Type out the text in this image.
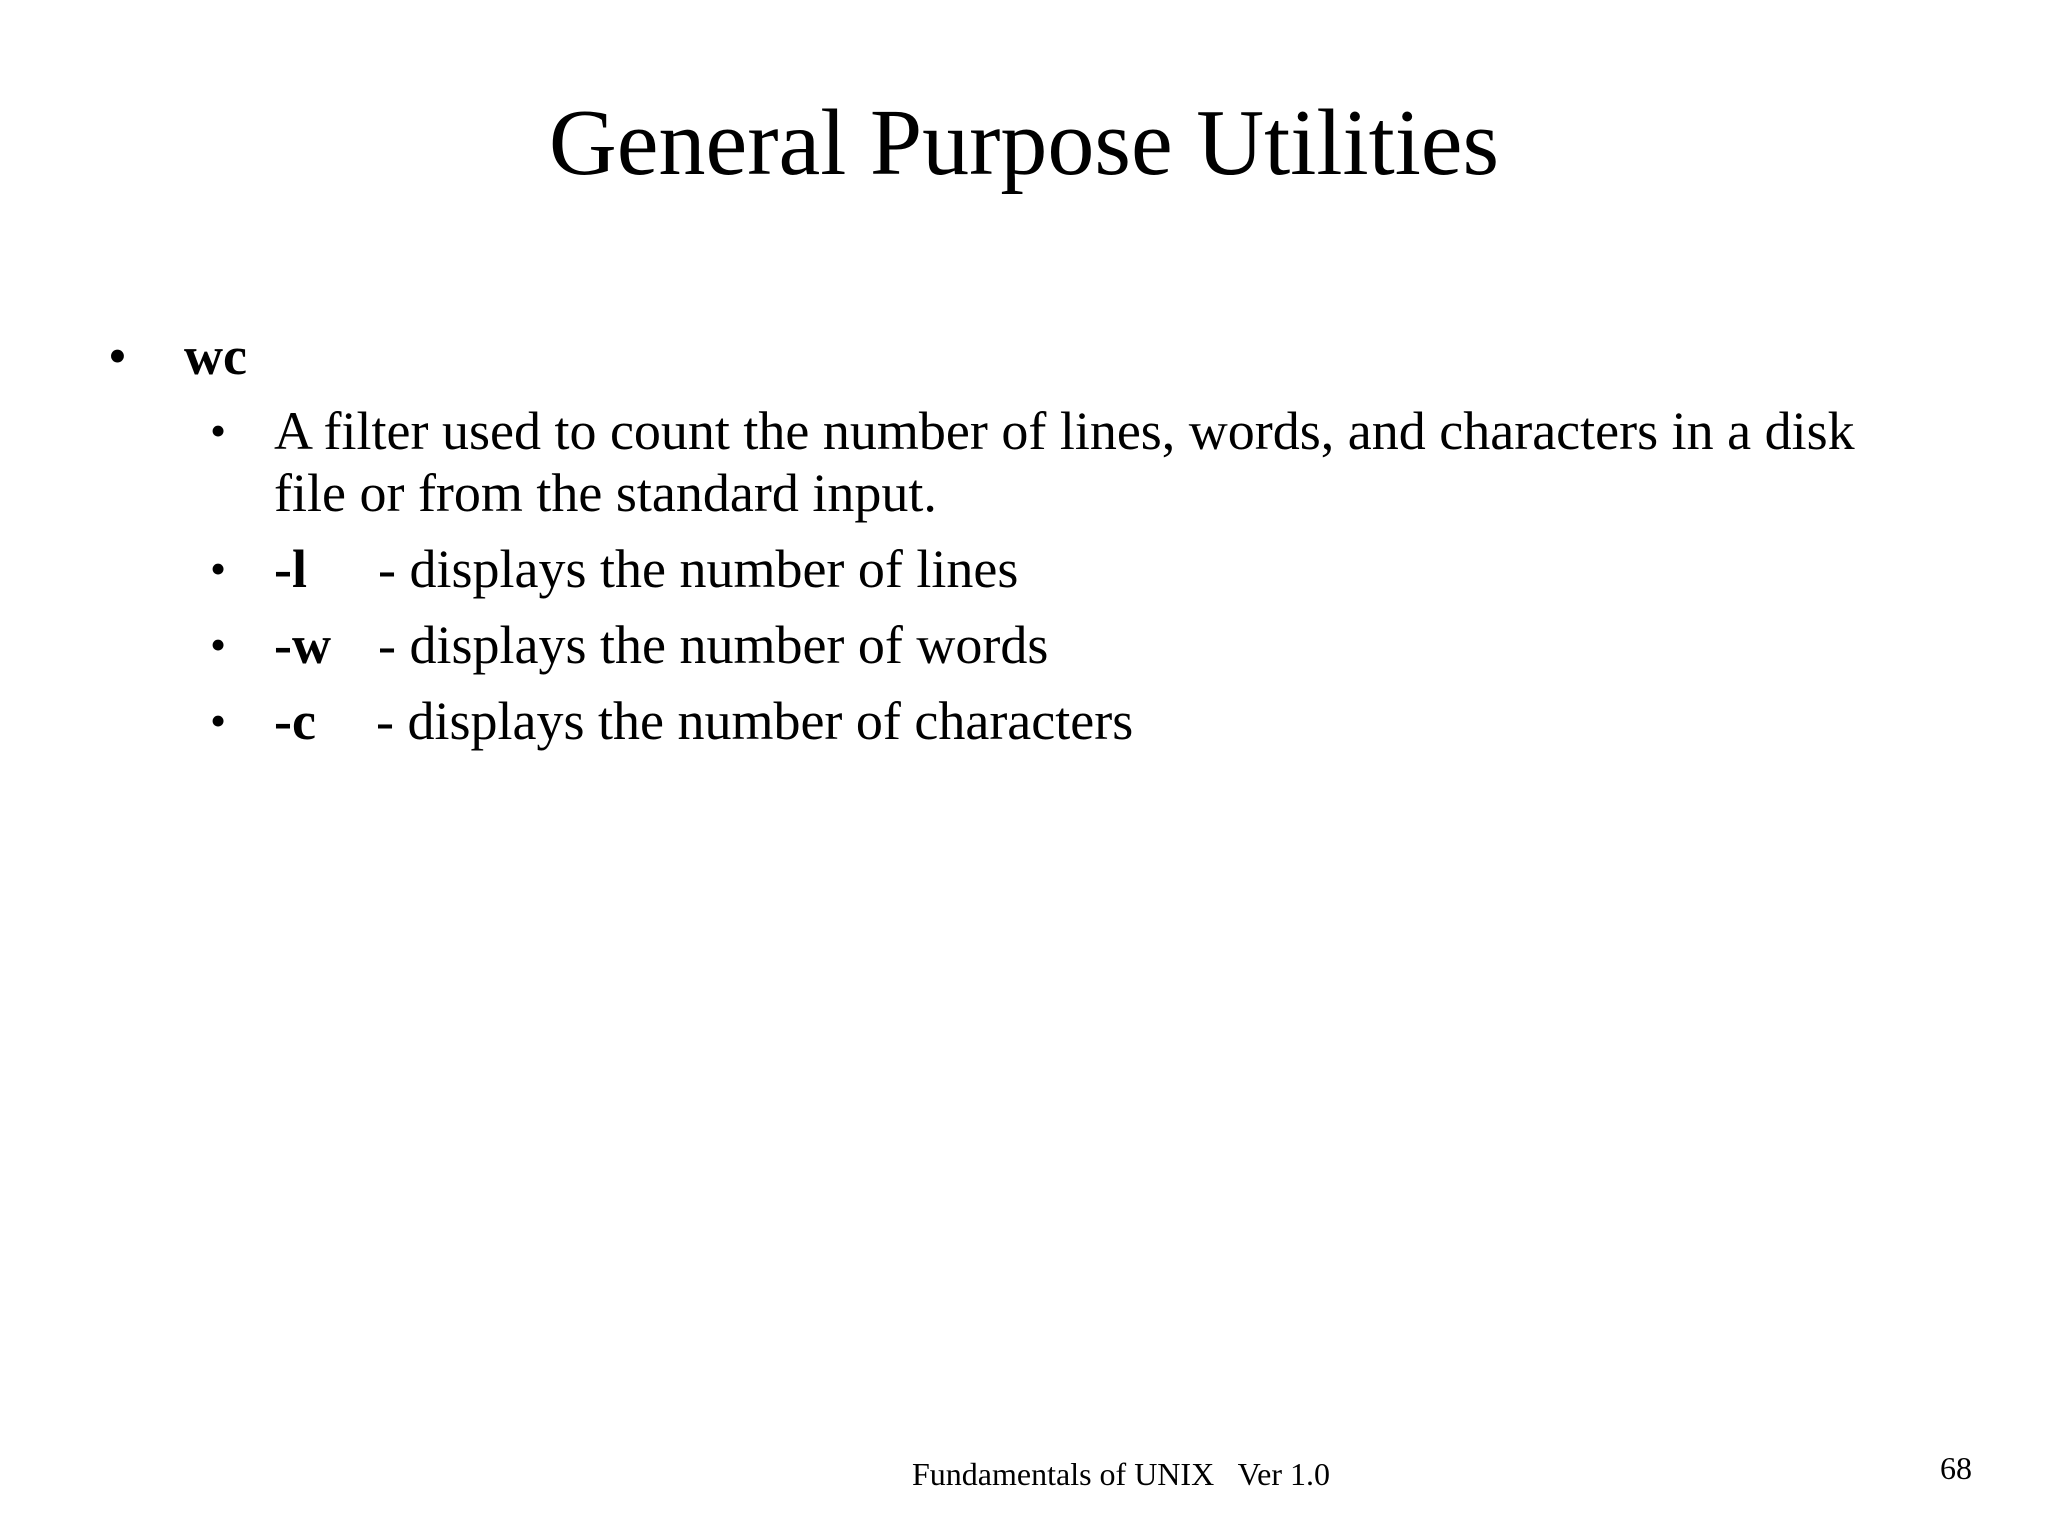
General Purpose Utilities
• wc
• A filter used to count the number of lines, words, and characters in a disk file or from the standard input.
• -l - displays the number of lines
• -w - displays the number of words
• -c - displays the number of characters
Fundamentals of UNIX   Ver 1.0	68
